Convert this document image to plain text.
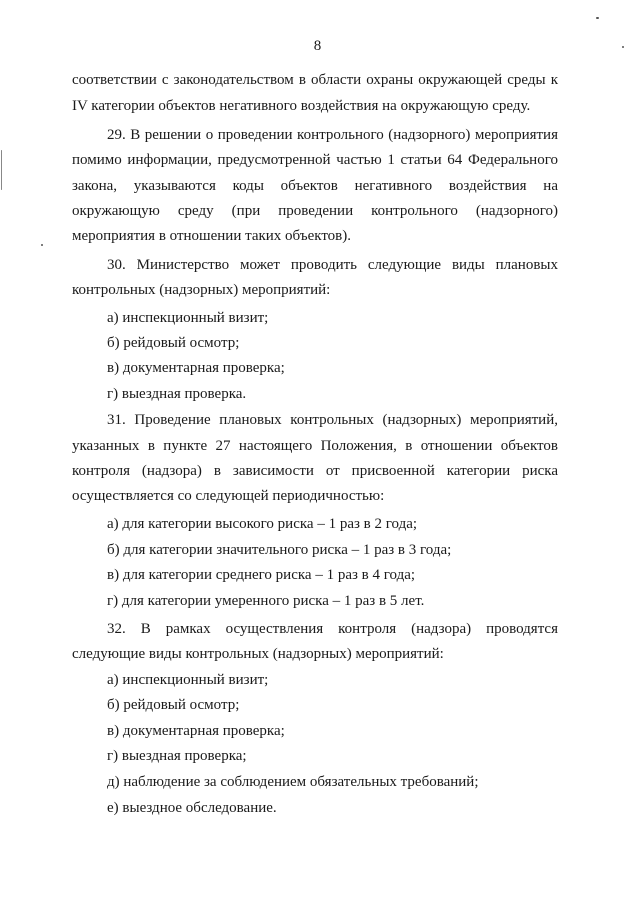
8
соответствии с законодательством в области охраны окружающей среды к
IV категории объектов негативного воздействия на окружающую среду.
29. В решении о проведении контрольного (надзорного) мероприятия
помимо информации, предусмотренной частью 1 статьи 64 Федерального
закона, указываются коды объектов негативного воздействия на
окружающую среду (при проведении контрольного (надзорного)
мероприятия в отношении таких объектов).
30. Министерство может проводить следующие виды плановых
контрольных (надзорных) мероприятий:
а) инспекционный визит;
б) рейдовый осмотр;
в) документарная проверка;
г) выездная проверка.
31. Проведение плановых контрольных (надзорных) мероприятий,
указанных в пункте 27 настоящего Положения, в отношении объектов
контроля (надзора) в зависимости от присвоенной категории риска
осуществляется со следующей периодичностью:
а) для категории высокого риска – 1 раз в 2 года;
б) для категории значительного риска – 1 раз в 3 года;
в) для категории среднего риска – 1 раз в 4 года;
г) для категории умеренного риска – 1 раз в 5 лет.
32. В рамках осуществления контроля (надзора) проводятся
следующие виды контрольных (надзорных) мероприятий:
а) инспекционный визит;
б) рейдовый осмотр;
в) документарная проверка;
г) выездная проверка;
д) наблюдение за соблюдением обязательных требований;
е) выездное обследование.
